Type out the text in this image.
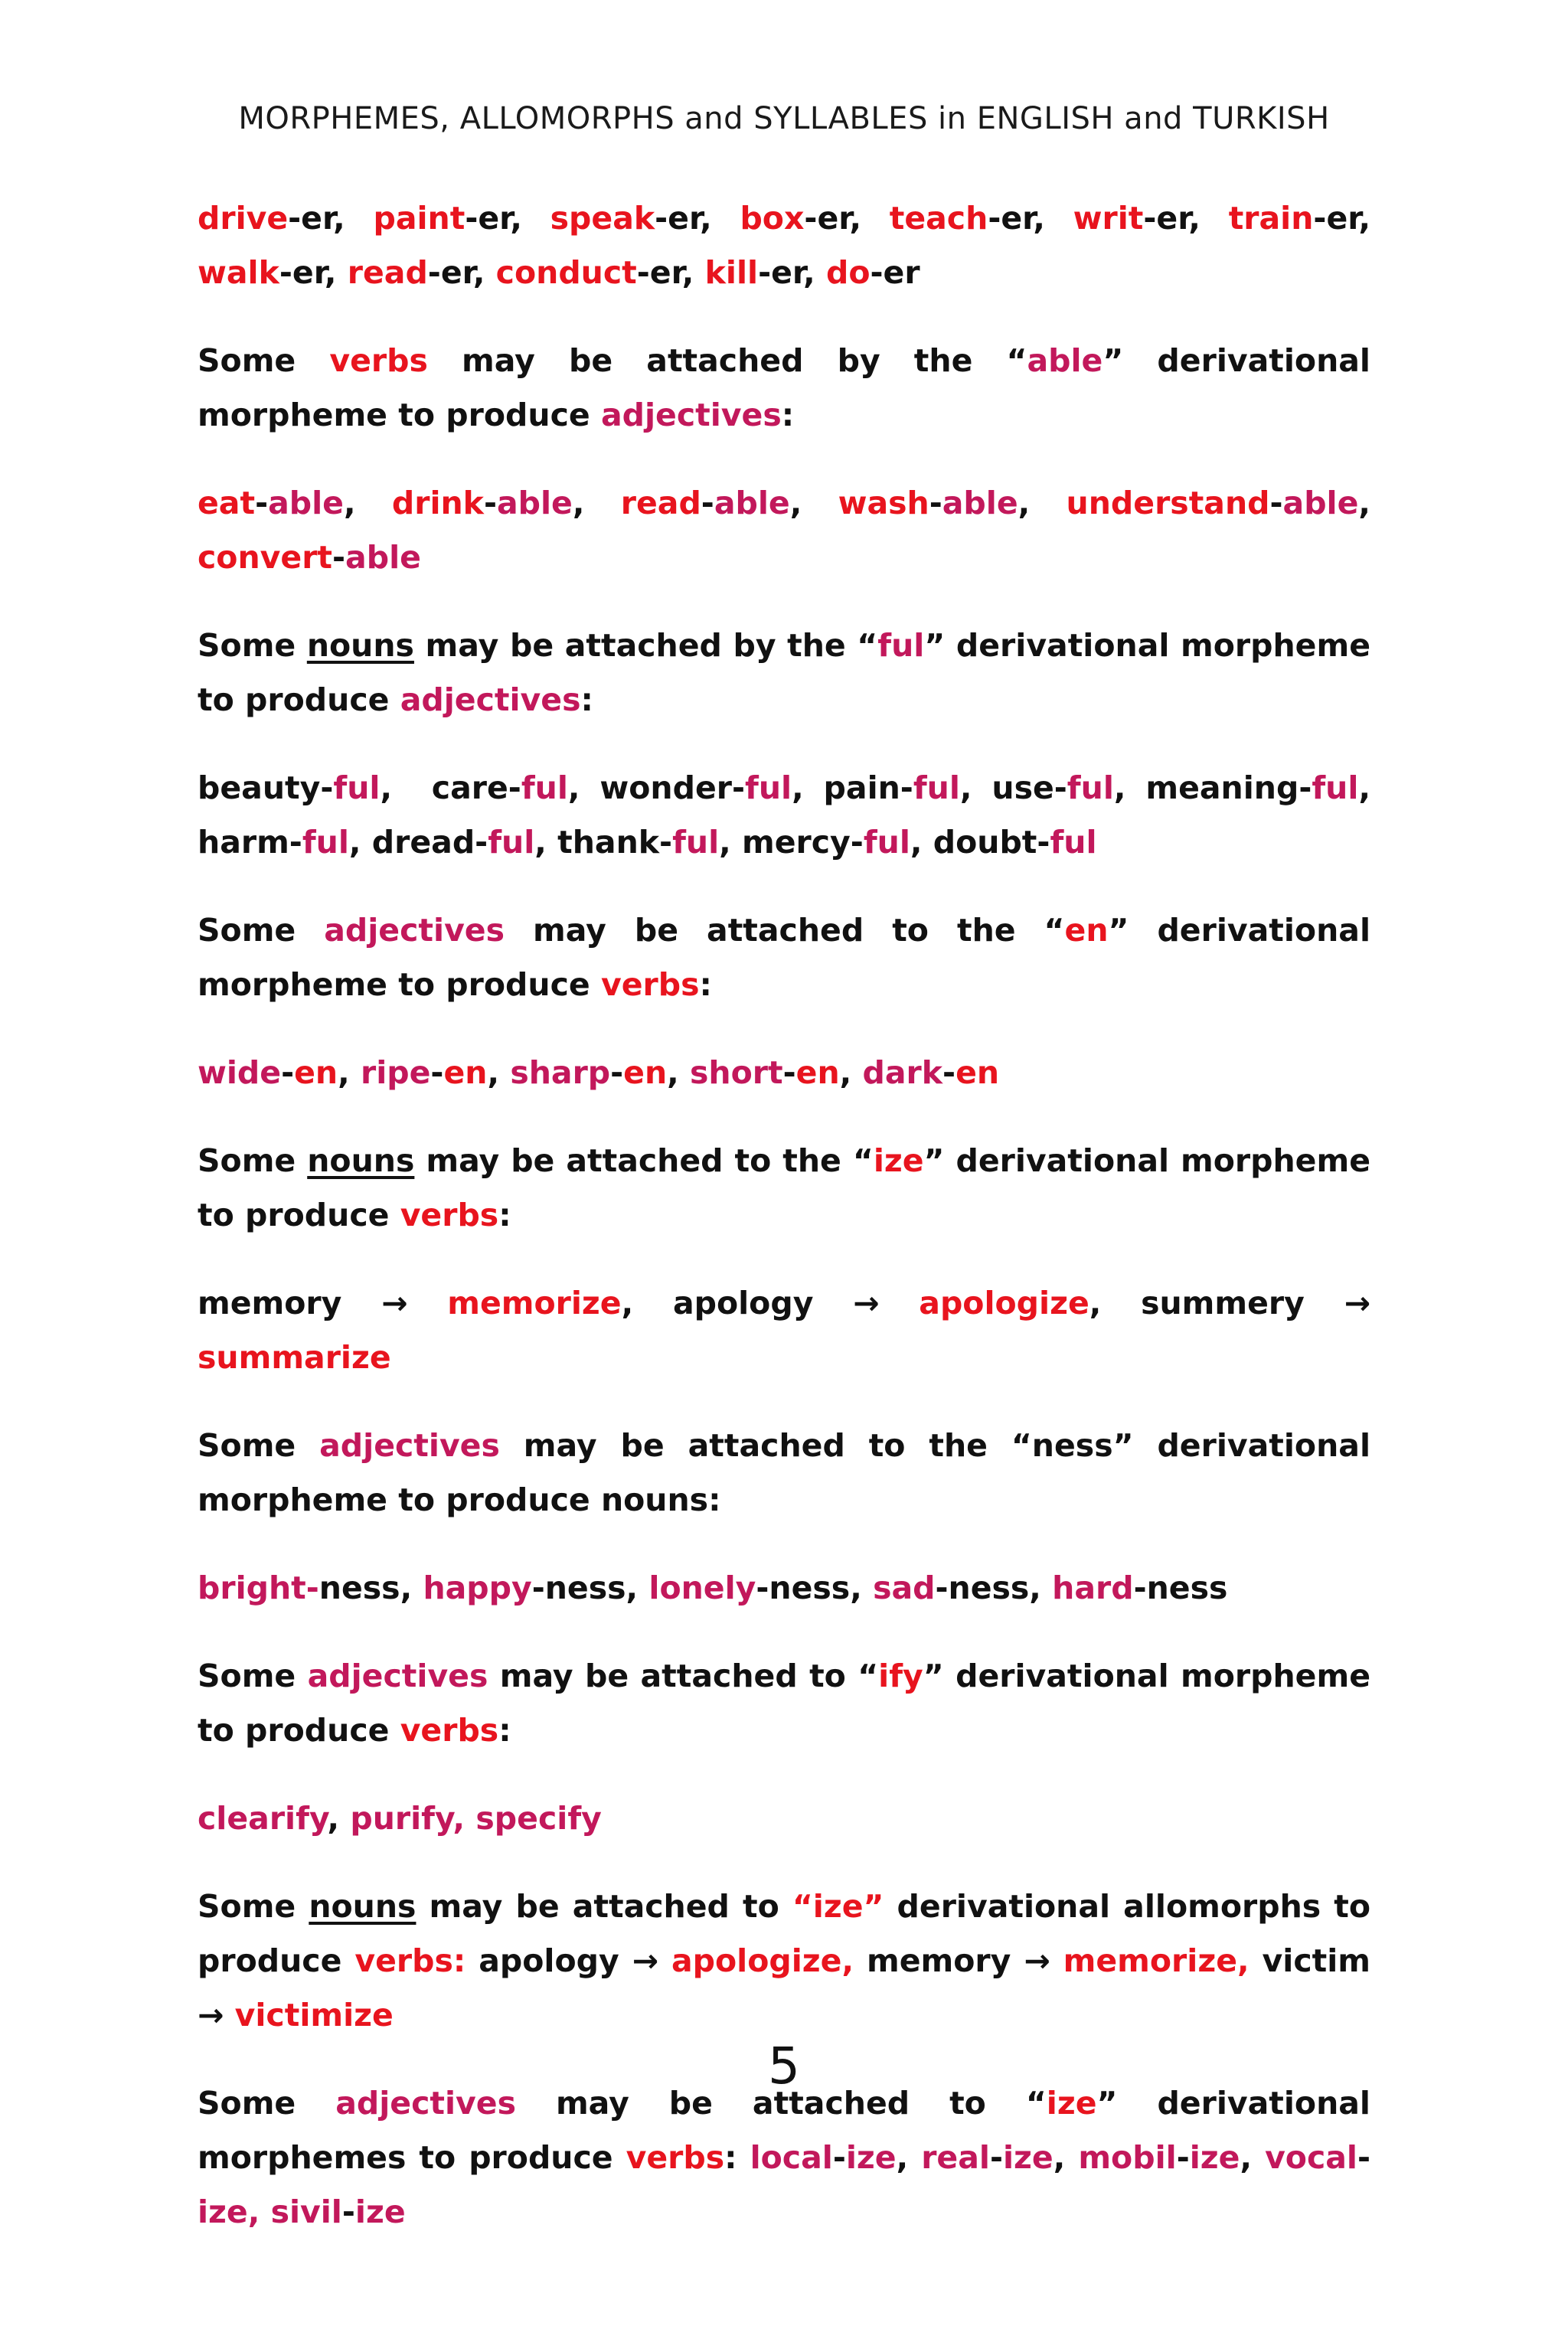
MORPHEMES, ALLOMORPHS and SYLLABLES in ENGLISH and TURKISH
drive-er, paint-er, speak-er, box-er, teach-er, writ-er, train-er, walk-er, read-er, conduct-er, kill-er, do-er
Some verbs may be attached by the “able” derivational morpheme to produce adjectives:
eat-able, drink-able, read-able, wash-able, understand-able, convert-able
Some nouns may be attached by the “ful” derivational morpheme to produce adjectives:
beauty-ful,  care-ful, wonder-ful, pain-ful, use-ful, meaning-ful, harm-ful, dread-ful, thank-ful, mercy-ful, doubt-ful
Some adjectives may be attached to the “en” derivational morpheme to produce verbs:
wide-en, ripe-en, sharp-en, short-en, dark-en
Some nouns may be attached to the “ize” derivational morpheme to produce verbs:
memory → memorize, apology → apologize, summery → summarize
Some adjectives may be attached to the “ness” derivational morpheme to produce nouns:
bright-ness, happy-ness, lonely-ness, sad-ness, hard-ness
Some adjectives may be attached to “ify” derivational morpheme to produce verbs:
clearify, purify, specify
Some nouns may be attached to “ize” derivational allomorphs to produce verbs: apology → apologize, memory → memorize, victim → victimize
Some adjectives may be attached to “ize” derivational morphemes to produce verbs: local-ize, real-ize, mobil-ize, vocal-ize, sivil-ize
5
